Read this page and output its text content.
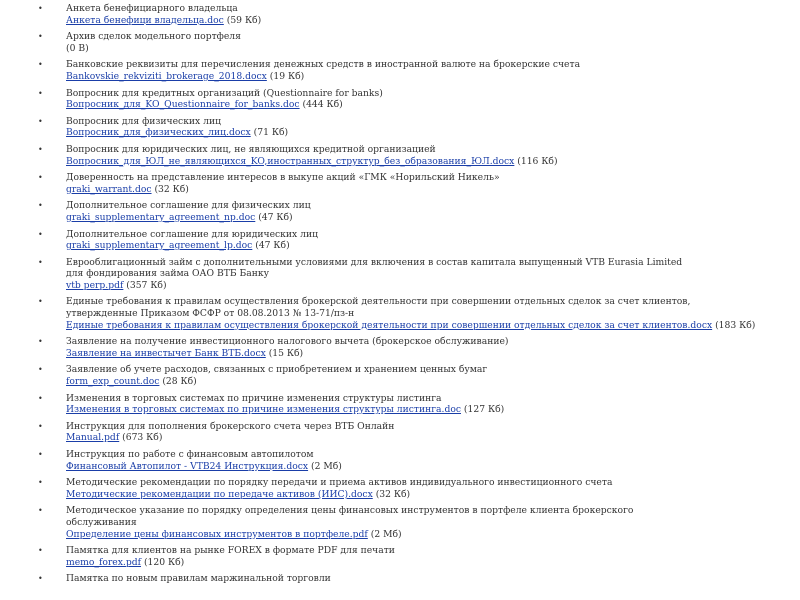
•	Анкета бенефициарного владельца
Анкета бенефици владельца.doc (59 Кб)
•	Архив сделок модельного портфеля
(0 В)
•	Банковские реквизиты для перечисления денежных средств в иностранной валюте на брокерские счета
Bankovskie_rekviziti_brokerage_2018.docx (19 Кб)
•	Вопросник для кредитных организаций (Questionnaire for banks)
Вопросник_для_KO_Questionnaire_for_banks.doc (444 Кб)
•	Вопросник для физических лиц
Вопросник_для_физических_лиц.docx (71 Кб)
•	Вопросник для юридических лиц, не являющихся кредитной организацией
Вопросник_для_ЮЛ_не_являющихся_KO,иностранных_структур_без_образования_ЮЛ.docx (116 Кб)
•	Доверенность на представление интересов в выкупе акций «ГМК «Норильский Никель»
graki_warrant.doc (32 Кб)
•	Дополнительное соглашение для физических лиц
graki_supplementary_agreement_np.doc (47 Кб)
•	Дополнительное соглашение для юридических лиц
graki_supplementary_agreement_lp.doc (47 Кб)
•	Еврооблигационный займ с дополнительными условиями для включения в состав капитала выпущенный VTB Eurasia Limited для фондирования займа ОАО ВТБ Банку
vtb perp.pdf (357 Кб)
•	Единые требования к правилам осуществления брокерской деятельности при совершении отдельных сделок за счет клиентов, утвержденные Приказом ФСФР от 08.08.2013 № 13-71/пз-н
Единые требования к правилам осуществления брокерской деятельности при совершении отдельных сделок за счет клиентов.docx (183 Кб)
•	Заявление на получение инвестиционного налогового вычета (брокерское обслуживание)
Заявление на инвестычет Банк ВТБ.docx (15 Кб)
•	Заявление об учете расходов, связанных с приобретением и хранением ценных бумаг
form_exp_count.doc (28 Кб)
•	Изменения в торговых системах по причине изменения структуры листинга
Изменения в торговых системах по причине изменения структуры листинга.doc (127 Кб)
•	Инструкция для пополнения брокерского счета через ВТБ Онлайн
Manual.pdf (673 Кб)
•	Инструкция по работе с финансовым автопилотом
Финансовый Автопилот - VTB24 Инструкция.docx (2 Мб)
•	Методические рекомендации по порядку передачи и приема активов индивидуального инвестиционного счета
Методические рекомендации по передаче активов (ИИС).docx (32 Кб)
•	Методическое указание по порядку определения цены финансовых инструментов в портфеле клиента брокерского обслуживания
Определение цены финансовых инструментов в портфеле.pdf (2 Мб)
•	Памятка для клиентов на рынке FOREX в формате PDF для печати
memo_forex.pdf (120 Кб)
•	Памятка по новым правилам маржинальной торговли
